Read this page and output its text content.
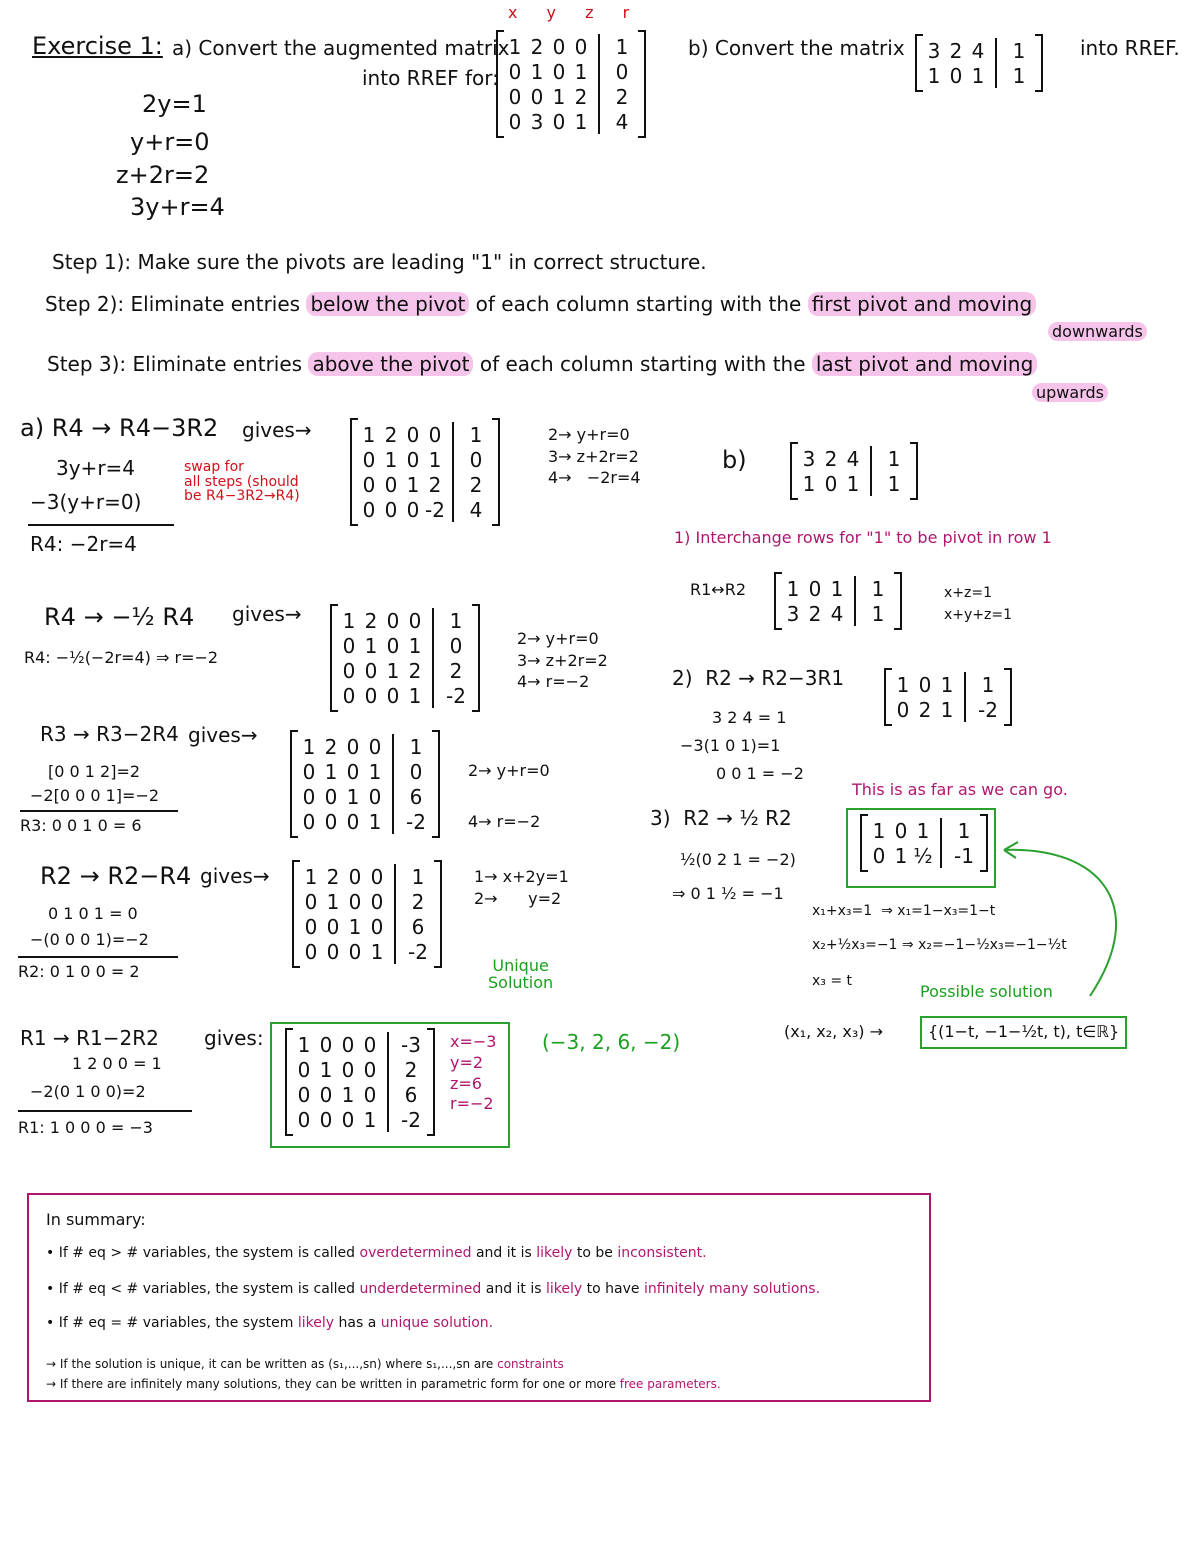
x y z r
Exercise 1: a) Convert the augmented matrix
into RREF for:
1 2 0 0	1
0 1 0 1	0
0 0 1 2	2
0 3 0 1	4
b) Convert the matrix 3 2 4	1
1 0 1	1
into RREF.
2y=1
y+r=0
z+2r=2
3y+r=4
Step 1): Make sure the pivots are leading "1" in correct structure.
Step 2): Eliminate entries below the pivot of each column starting with the first pivot and moving
downwards
Step 3): Eliminate entries above the pivot of each column starting with the last pivot and moving
upwards
a) R4 → R4−3R2 gives→
3y+r=4
−3(y+r=0)
R4: −2r=4
swap for
all steps (should
be R4−3R2→R4)
1 2 0 0	1
0 1 0 1	0
0 0 1 2	2
0 0 0 -2	4
2→ y+r=0
3→ z+2r=2
4→   −2r=4
R4 → −½ R4 gives→
R4: −½(−2r=4) ⇒ r=−2
1 2 0 0	1
0 1 0 1	0
0 0 1 2	2
0 0 0 1	-2
2→ y+r=0
3→ z+2r=2
4→ r=−2
R3 → R3−2R4 gives→
[0 0 1 2]=2
−2[0 0 0 1]=−2
R3: 0 0 1 0 = 6
1 2 0 0	1
0 1 0 1	0
0 0 1 0	6
0 0 0 1	-2
2→ y+r=0

4→ r=−2
R2 → R2−R4 gives→
0 1 0 1 = 0
−(0 0 0 1)=−2
R2: 0 1 0 0 = 2
1 2 0 0	1
0 1 0 0	2
0 0 1 0	6
0 0 0 1	-2
1→ x+2y=1
2→      y=2
Unique
Solution
R1 → R1−2R2 gives:
1 2 0 0 = 1
−2(0 1 0 0)=2
R1: 1 0 0 0 = −3
1 0 0 0	-3
0 1 0 0	2
0 0 1 0	6
0 0 0 1	-2
x=−3
y=2
z=6
r=−2
(−3, 2, 6, −2)
b)	3 2 4	1
1 0 1	1
1) Interchange rows for "1" to be pivot in row 1
R1↔R2 1 0 1	1
3 2 4	1
x+z=1
x+y+z=1
2)  R2 → R2−3R1	1 0 1	1
0 2 1	-2
3 2 4 = 1
−3(1 0 1)=1
0 0 1 = −2
This is as far as we can go.
3)  R2 → ½ R2
½(0 2 1 = −2)
⇒ 0 1 ½ = −1
1 0 1	1
0 1 ½	-1
x₁+x₃=1  ⇒ x₁=1−x₃=1−t
x₂+½x₃=−1 ⇒ x₂=−1−½x₃=−1−½t
x₃ = t
Possible solution
(x₁, x₂, x₃) →	{(1−t, −1−½t, t), t∈ℝ}
In summary:
• If # eq > # variables, the system is called overdetermined and it is likely to be inconsistent.
• If # eq < # variables, the system is called underdetermined and it is likely to have infinitely many solutions.
• If # eq = # variables, the system likely has a unique solution.
→ If the solution is unique, it can be written as (s₁,...,sn) where s₁,...,sn are constraints
→ If there are infinitely many solutions, they can be written in parametric form for one or more free parameters.
